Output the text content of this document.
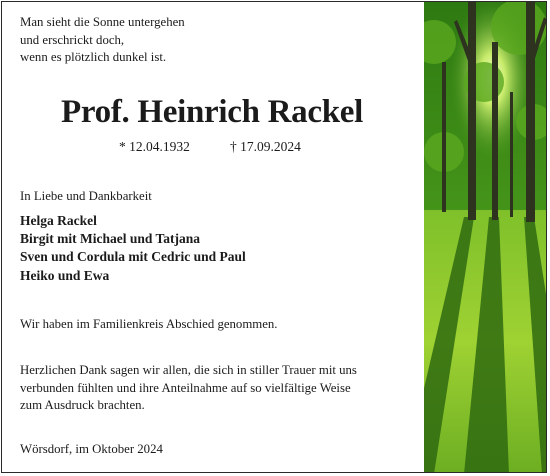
Man sieht die Sonne untergehen
und erschrickt doch,
wenn es plötzlich dunkel ist.
Prof. Heinrich Rackel
* 12.04.1932	† 17.09.2024
In Liebe und Dankbarkeit
Helga Rackel
Birgit mit Michael und Tatjana
Sven und Cordula mit Cedric und Paul
Heiko und Ewa
Wir haben im Familienkreis Abschied genommen.
Herzlichen Dank sagen wir allen, die sich in stiller Trauer mit uns
verbunden fühlten und ihre Anteilnahme auf so vielfältige Weise
zum Ausdruck brachten.
Wörsdorf, im Oktober 2024
